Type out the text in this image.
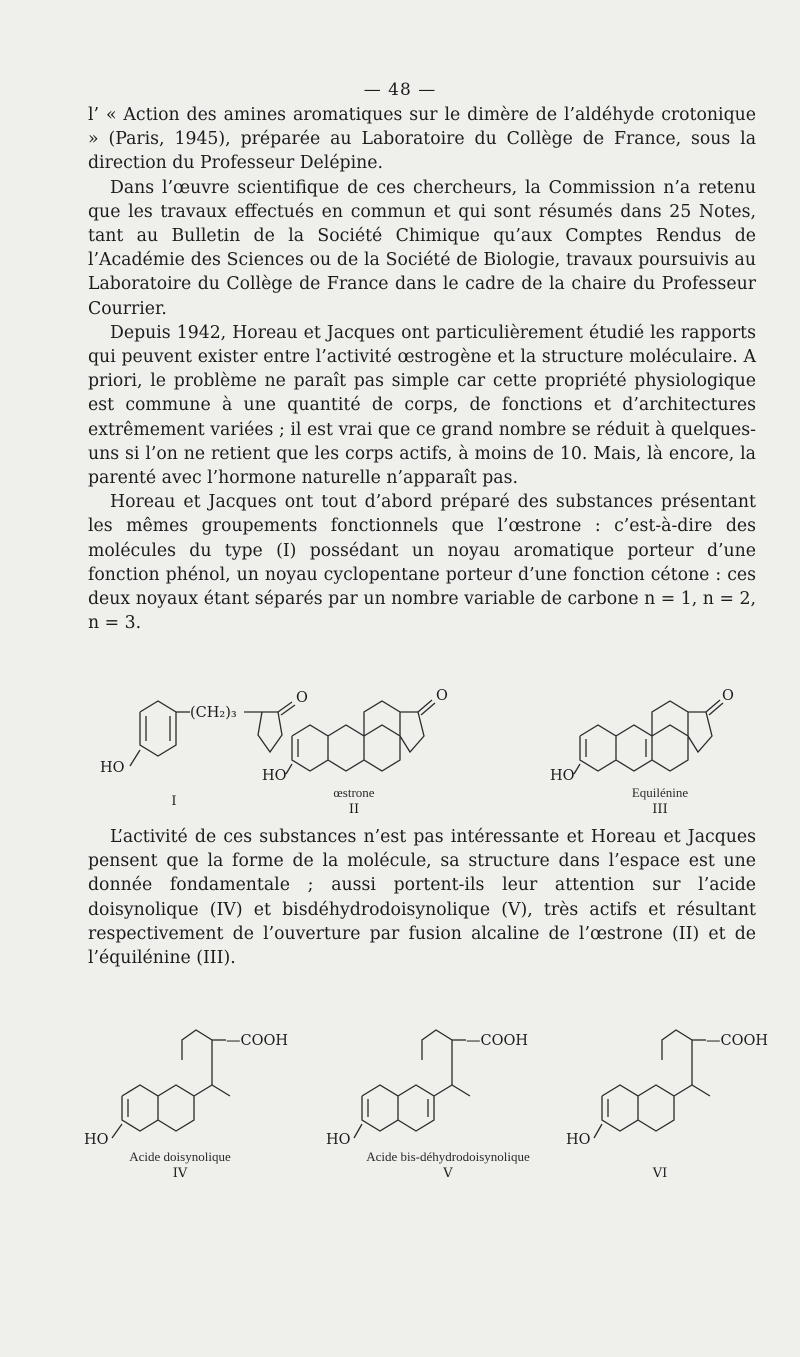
— 48 —

l’ « Action des amines aromatiques sur le dimère de l’aldéhyde crotonique » (Paris, 1945), préparée au Laboratoire du Collège de France, sous la direction du Professeur Delépine.

Dans l’œuvre scientifique de ces chercheurs, la Commission n’a retenu que les travaux effectués en commun et qui sont résumés dans 25 Notes, tant au Bulletin de la Société Chimique qu’aux Comptes Rendus de l’Académie des Sciences ou de la Société de Biologie, travaux poursuivis au Laboratoire du Collège de France dans le cadre de la chaire du Professeur Courrier.

Depuis 1942, Horeau et Jacques ont particulièrement étudié les rapports qui peuvent exister entre l’activité œstrogène et la structure moléculaire. A priori, le problème ne paraît pas simple car cette propriété physiologique est commune à une quantité de corps, de fonctions et d’architectures extrêmement variées ; il est vrai que ce grand nombre se réduit à quelques-uns si l’on ne retient que les corps actifs, à moins de 10. Mais, là encore, la parenté avec l’hormone naturelle n’apparaît pas.

Horeau et Jacques ont tout d’abord préparé des substances présentant les mêmes groupements fonctionnels que l’œstrone : c’est-à-dire des molécules du type (I) possédant un noyau aromatique porteur d’une fonction phénol, un noyau cyclopentane porteur d’une fonction cétone : ces deux noyaux étant séparés par un nombre variable de carbone n = 1, n = 2, n = 3.

(CH₂)₃
O
HO
I
O
HO
œstrone
II
O
HO
Equilénine
III

L’activité de ces substances n’est pas intéressante et Horeau et Jacques pensent que la forme de la molécule, sa structure dans l’espace est une donnée fondamentale ; aussi portent-ils leur attention sur l’acide doisynolique (IV) et bisdéhydrodoisynolique (V), très actifs et résultant respectivement de l’ouverture par fusion alcaline de l’œstrone (II) et de l’équilénine (III).

—COOH
HO
Acide doisynolique
IV
—COOH
HO
Acide bis-déhydrodoisynolique
V
—COOH
HO
VI
